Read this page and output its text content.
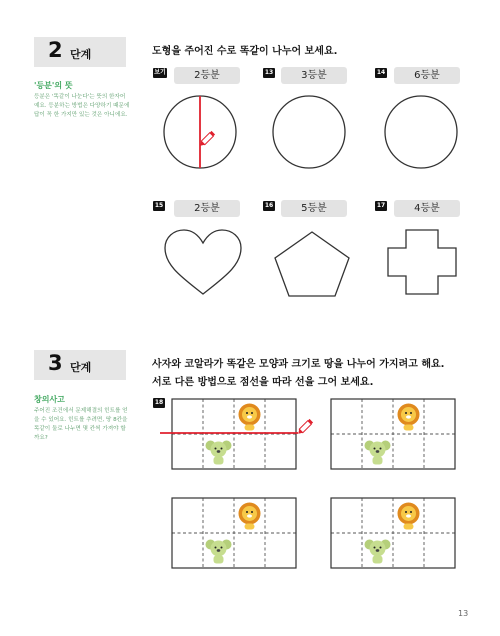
2 단계
'등분'의 뜻
등분은 '똑같이 나눈다'는 뜻의 한자어예요. 등분하는 방법은 다양하기 때문에 답이 꼭 한 가지만 있는 것은 아니에요.
도형을 주어진 수로 똑같이 나누어 보세요.
보기	2등분	13	3등분	14	6등분
15	2등분	16	5등분	17	4등분
3 단계
창의사고
주어진 조건에서 문제해결의 힌트를 얻을 수 있어요. 힌트를 추려면, 땅 8칸을 똑같이 둘로 나누면 몇 칸씩 가져야 할까요?
사자와 코알라가 똑같은 모양과 크기로 땅을 나누어 가지려고 해요.
서로 다른 방법으로 점선을 따라 선을 그어 보세요.
18
13
